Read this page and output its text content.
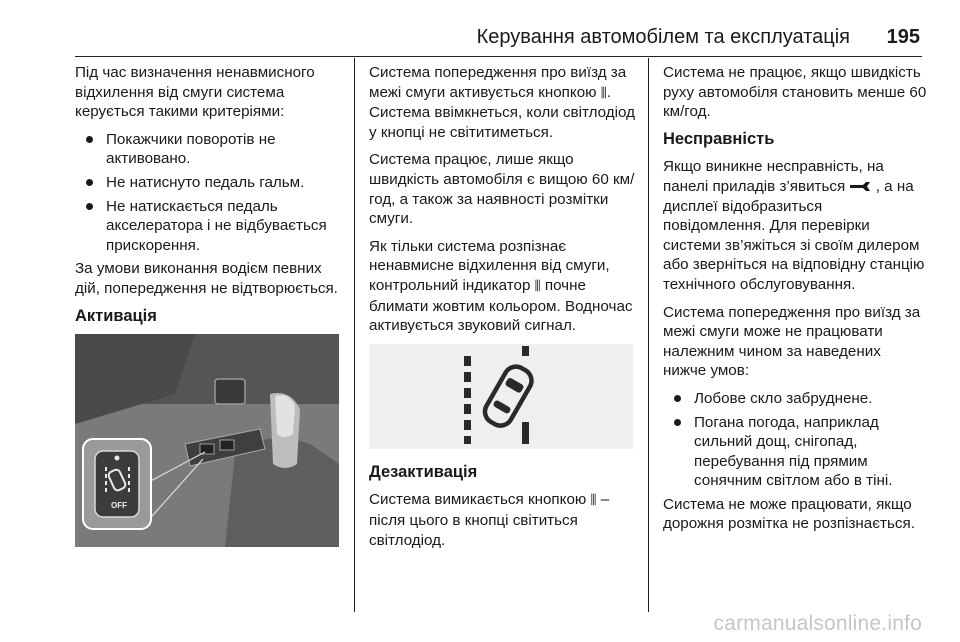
Керування автомобілем та експлуатація 195

Під час визначення ненавмисного відхилення від смуги система керується такими критеріями:

Покажчики поворотів не активовано.
Не натиснуто педаль гальм.
Не натискається педаль акселератора і не відбувається прискорення.

За умови виконання водієм певних дій, попередження не відтворюється.

Активація
OFF

Система попередження про виїзд за межі смуги активується кнопкою ⫼. Система ввімкнеться, коли світлодіод у кнопці не світитиметься.

Система працює, лише якщо швидкість автомобіля є вищою 60 км/год, а також за наявності розмітки смуги.

Як тільки система розпізнає ненавмисне відхилення від смуги, контрольний індикатор ⫼ почне блимати жовтим кольором. Водночас активується звуковий сигнал.

Дезактивація

Система вимикається кнопкою ⫼ – після цього в кнопці світиться світлодіод.

Система не працює, якщо швидкість руху автомобіля становить менше 60 км/год.

Несправність

Якщо виникне несправність, на панелі приладів з’явиться , а на дисплеї відобразиться повідомлення. Для перевірки системи зв’яжіться зі своїм дилером або зверніться на відповідну станцію технічного обслуговування.

Система попередження про виїзд за межі смуги може не працювати належним чином за наведених нижче умов:

Лобове скло забруднене.
Погана погода, наприклад сильний дощ, снігопад, перебування під прямим сонячним світлом або в тіні.

Система не може працювати, якщо дорожня розмітка не розпізнається.

carmanualsonline.info
